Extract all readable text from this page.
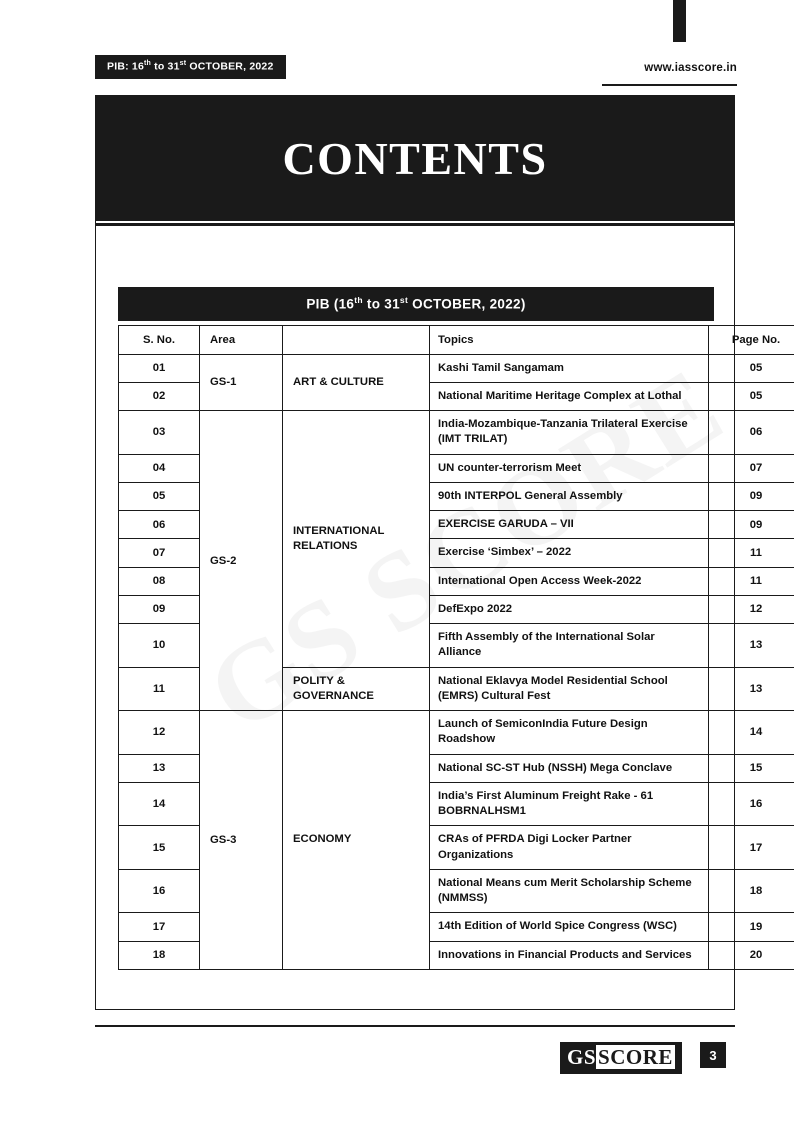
PIB: 16th to 31st OCTOBER, 2022	www.iasscore.in
CONTENTS
PIB (16th to 31st OCTOBER, 2022)
S. No.	Area		Topics	Page No.
01	GS-1	ART & CULTURE	Kashi Tamil Sangamam	05
02			National Maritime Heritage Complex at Lothal	05
03	GS-2	INTERNATIONAL RELATIONS	India-Mozambique-Tanzania Trilateral Exercise (IMT TRILAT)	06
04			UN counter-terrorism Meet	07
05			90th INTERPOL General Assembly	09
06			EXERCISE GARUDA – VII	09
07			Exercise ‘Simbex’ – 2022	11
08			International Open Access Week-2022	11
09			DefExpo 2022	12
10			Fifth Assembly of the International Solar Alliance	13
11		POLITY & GOVERNANCE	National Eklavya Model Residential School (EMRS) Cultural Fest	13
12	GS-3	ECONOMY	Launch of SemiconIndia Future Design Roadshow	14
13			National SC-ST Hub (NSSH) Mega Conclave	15
14			India’s First Aluminum Freight Rake - 61 BOBRNALHSM1	16
15			CRAs of PFRDA Digi Locker Partner Organizations	17
16			National Means cum Merit Scholarship Scheme (NMMSS)	18
17			14th Edition of World Spice Congress (WSC)	19
18			Innovations in Financial Products and Services	20
GSSCORE	3
